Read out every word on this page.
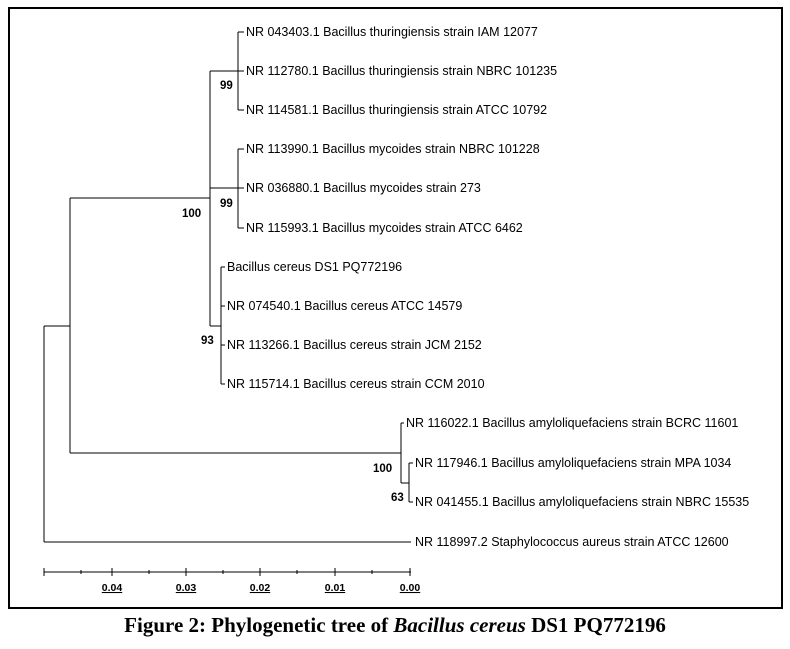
NR 043403.1 Bacillus thuringiensis strain IAM 12077
NR 112780.1 Bacillus thuringiensis strain NBRC 101235
NR 114581.1 Bacillus thuringiensis strain ATCC 10792
NR 113990.1 Bacillus mycoides strain NBRC 101228
NR 036880.1 Bacillus mycoides strain 273
NR 115993.1 Bacillus mycoides strain ATCC 6462
Bacillus cereus DS1 PQ772196
NR 074540.1 Bacillus cereus ATCC 14579
NR 113266.1 Bacillus cereus strain JCM 2152
NR 115714.1 Bacillus cereus strain CCM 2010
NR 116022.1 Bacillus amyloliquefaciens strain BCRC 11601
NR 117946.1 Bacillus amyloliquefaciens strain MPA 1034
NR 041455.1 Bacillus amyloliquefaciens strain NBRC 15535
NR 118997.2 Staphylococcus aureus strain ATCC 12600
99
99
100
93
100
63
0.04	0.03	0.02	0.01	0.00
Figure 2: Phylogenetic tree of Bacillus cereus DS1 PQ772196
